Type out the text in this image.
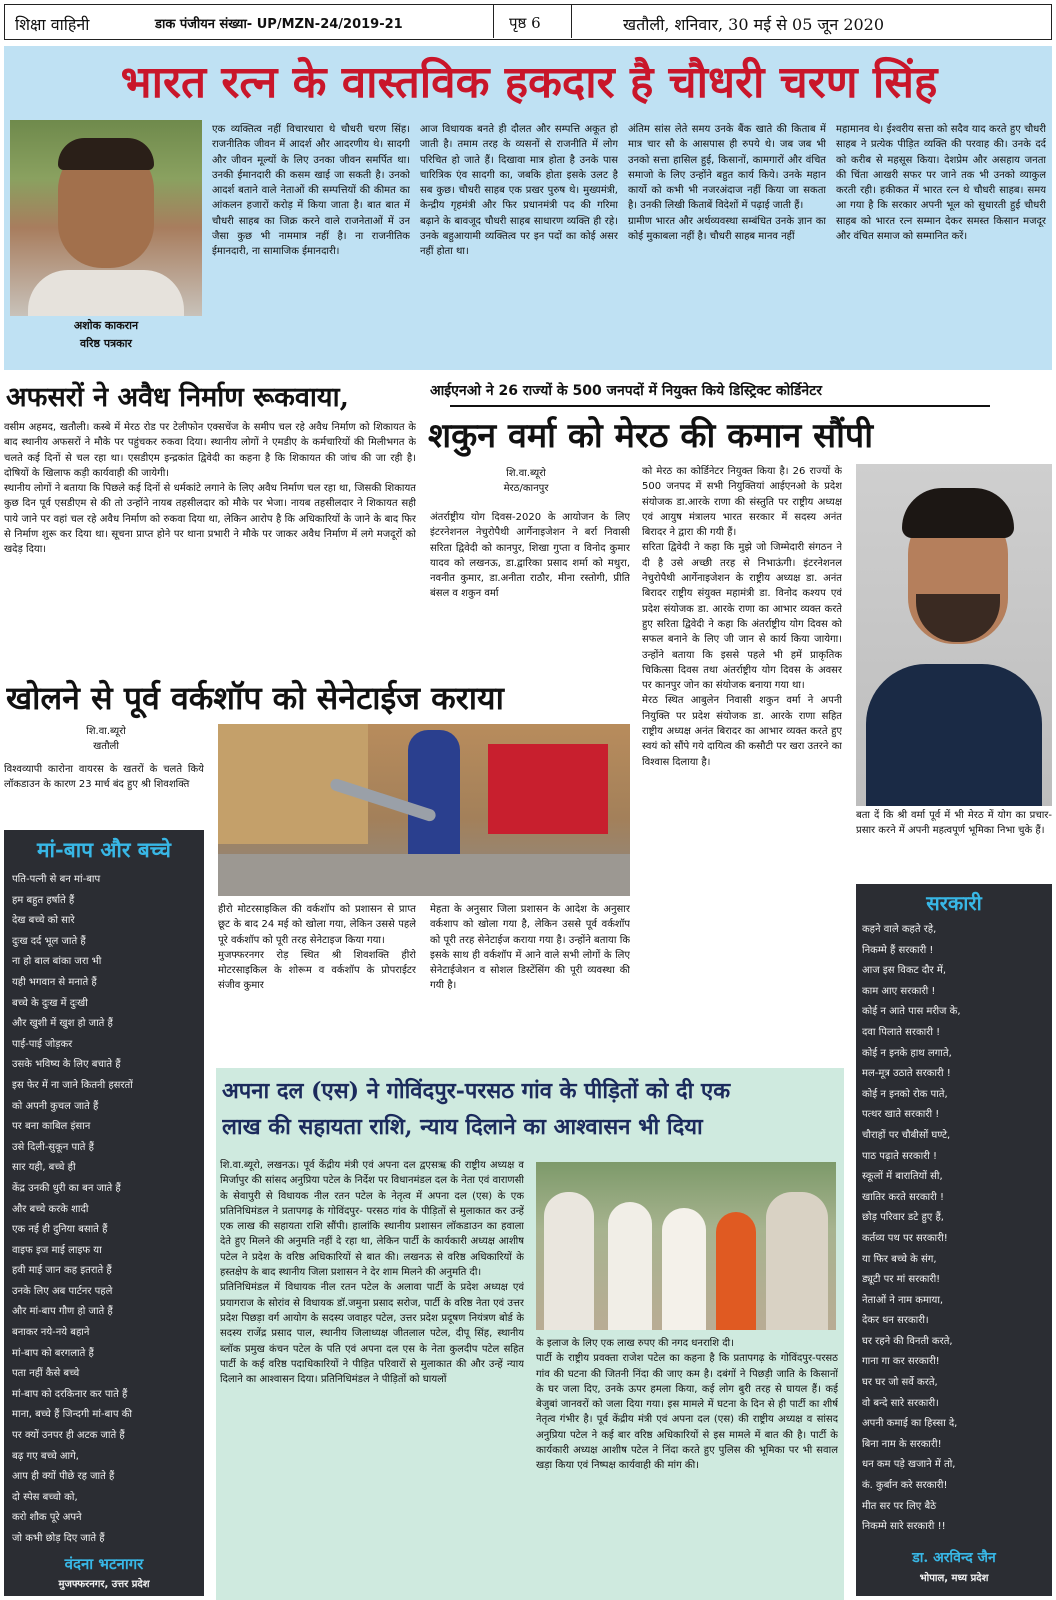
शिक्षा वाहिनी	डाक पंजीयन संख्या- UP/MZN-24/2019-21	पृष्ठ 6	खतौली, शनिवार, 30 मई से 05 जून 2020
भारत रत्न के वास्तविक हकदार है चौधरी चरण सिंह
अशोक काकरान
वरिष्ठ पत्रकार
एक व्यक्तित्व नहीं विचारधारा थे चौधरी चरण सिंह। राजनीतिक जीवन में आदर्श और आदरणीय थे। सादगी और जीवन मूल्यों के लिए उनका जीवन समर्पित था। उनकी ईमानदारी की कसम खाई जा सकती है। उनको आदर्श बताने वाले नेताओं की सम्पत्तियों की कीमत का आंकलन हजारों करोड़ में किया जाता है। बात बात में चौधरी साहब का जिक्र करने वाले राजनेताओं में उन जैसा कुछ भी नाममात्र नहीं है। ना राजनीतिक ईमानदारी, ना सामाजिक ईमानदारी।
आज विधायक बनते ही दौलत और सम्पत्ति अकूत हो जाती है। तमाम तरह के व्यसनों से राजनीति में लोग परिचित हो जाते हैं। दिखावा मात्र होता है उनके पास चारित्रिक एंव सादगी का, जबकि होता इसके उलट है सब कुछ। चौधरी साहब एक प्रखर पुरुष थे। मुख्यमंत्री, केन्द्रीय गृहमंत्री और फिर प्रधानमंत्री पद की गरिमा बढ़ाने के बावजूद चौधरी साहब साधारण व्यक्ति ही रहे। उनके बहुआयामी व्यक्तित्व पर इन पदों का कोई असर नहीं होता था।
अंतिम सांस लेते समय उनके बैंक खाते की किताब में मात्र चार सौ के आसपास ही रुपये थे। जब जब भी उनको सत्ता हासिल हुई, किसानों, कामगारों और वंचित समाजो के लिए उन्होंने बहुत कार्य किये। उनके महान कार्यो को कभी भी नजरअंदाज नहीं किया जा सकता है। उनकी लिखी किताबें विदेशों में पढ़ाई जाती हैं।
ग्रामीण भारत और अर्थव्यवस्था सम्बंधित उनके ज्ञान का कोई मुकाबला नहीं है। चौधरी साहब मानव नहीं
महामानव थे। ईश्वरीय सत्ता को सदैव याद करते हुए चौधरी साहब ने प्रत्येक पीड़ित व्यक्ति की परवाह की। उनके दर्द को करीब से महसूस किया। देशप्रेम और असहाय जनता की चिंता आखरी सफर पर जाने तक भी उनको व्याकुल करती रही। हकीकत में भारत रत्न थे चौधरी साहब। समय आ गया है कि सरकार अपनी भूल को सुधारती हुई चौधरी साहब को भारत रत्न सम्मान देकर समस्त किसान मजदूर और वंचित समाज को सम्मानित करें।
अफसरों ने अवैध निर्माण रूकवाया,
वसीम अहमद, खतौली। कस्बे में मेरठ रोड पर टेलीफोन एक्सचेंज के समीप चल रहे अवैध निर्माण को शिकायत के बाद स्थानीय अफसरों ने मौके पर पहुंचकर रुकवा दिया। स्थानीय लोगों ने एमडीए के कर्मचारियों की मिलीभगत के चलते कई दिनों से चल रहा था। एसडीएम इन्द्रकांत द्विवेदी का कहना है कि शिकायत की जांच की जा रही है। दोषियों के खिलाफ कड़ी कार्यवाही की जायेगी।
स्थानीय लोगों ने बताया कि पिछले कई दिनों से धर्मकांटे लगाने के लिए अवैध निर्माण चल रहा था, जिसकी शिकायत कुछ दिन पूर्व एसडीएम से की तो उन्होंने नायब तहसीलदार को मौके पर भेजा। नायब तहसीलदार ने शिकायत सही पाये जाने पर वहां चल रहे अवैध निर्माण को रुकवा दिया था, लेकिन आरोप है कि अधिकारियों के जाने के बाद फिर से निर्माण शुरू कर दिया था। सूचना प्राप्त होने पर थाना प्रभारी ने मौके पर जाकर अवैध निर्माण में लगे मजदूरों को खदेड़ दिया।
आईएनओ ने 26 राज्यों के 500 जनपदों में नियुक्त किये डिस्ट्रिक्ट कोर्डिनेटर
शकुन वर्मा को मेरठ की कमान सौंपी
शि.वा.ब्यूरो
मेरठ/कानपुर
अंतर्राष्ट्रीय योग दिवस-2020 के आयोजन के लिए इंटरनेशनल नेचुरोपैथी आर्गेनाइजेशन ने बर्रा निवासी सरिता द्विवेदी को कानपुर, शिखा गुप्ता व विनोद कुमार यादव को लखनऊ, डा.द्वारिका प्रसाद शर्मा को मथुरा, नवनीत कुमार, डा.अनीता राठौर, मीना रस्तोगी, प्रीति बंसल व शकुन वर्मा
को मेरठ का कोर्डिनेटर नियुक्त किया है। 26 राज्यों के 500 जनपद में सभी नियुक्तियां आईएनओ के प्रदेश संयोजक डा.आरके राणा की संस्तुति पर राष्ट्रीय अध्यक्ष एवं आयुष मंत्रालय भारत सरकार में सदस्य अनंत बिरादर ने द्वारा की गयी हैं।
सरिता द्विवेदी ने कहा कि मुझे जो जिम्मेदारी संगठन ने दी है उसे अच्छी तरह से निभाऊंगी। इंटरनेशनल नेचुरोपैथी आर्गेनाइजेशन के राष्ट्रीय अध्यक्ष डा. अनंत बिरादर राष्ट्रीय संयुक्त महामंत्री डा. विनोद कश्यप एवं प्रदेश संयोजक डा. आरके राणा का आभार व्यक्त करते हुए सरिता द्विवेदी ने कहा कि अंतर्राष्ट्रीय योग दिवस को सफल बनाने के लिए जी जान से कार्य किया जायेगा। उन्होंने बताया कि इससे पहले भी हमें प्राकृतिक चिकित्सा दिवस तथा अंतर्राष्ट्रीय योग दिवस के अवसर पर कानपुर जोन का संयोजक बनाया गया था।
मेरठ स्थित आबुलेन निवासी शकुन वर्मा ने अपनी नियुक्ति पर प्रदेश संयोजक डा. आरके राणा सहित राष्ट्रीय अध्यक्ष अनंत बिरादर का आभार व्यक्त करते हुए स्वयं को सौंपे गये दायित्व की कसौटी पर खरा उतरने का विश्वास दिलाया है।
बता दें कि श्री वर्मा पूर्व में भी मेरठ में योग का प्रचार-प्रसार करने में अपनी महत्वपूर्ण भूमिका निभा चुके हैं।
खोलने से पूर्व वर्कशॉप को सेनेटाईज कराया
शि.वा.ब्यूरो
खतौली
विश्वव्यापी कारोना वायरस के खतरों के चलते किये लॉकडाउन के कारण 23 मार्च बंद हुए श्री शिवशक्ति
हीरो मोटरसाइकिल की वर्कशॉप को प्रशासन से प्राप्त छूट के बाद 24 मई को खोला गया, लेकिन उससे पहले पूरे वर्कशॉप को पूरी तरह सेनेटाइज किया गया।
मुजफ्फरनगर रोड़ स्थित श्री शिवशक्ति हीरो मोटरसाइकिल के शोरूम व वर्कशॉप के प्रोपराईटर संजीव कुमार
मेहता के अनुसार जिला प्रशासन के आदेश के अनुसार वर्कशाप को खोला गया है, लेकिन उससे पूर्व वर्कशॉप को पूरी तरह सेनेटाईज कराया गया है। उन्होंने बताया कि इसके साथ ही वर्कशॉप में आने वाले सभी लोगों के लिए सेनेटाईजेशन व सोशल डिस्टेंसिंग की पूरी व्यवस्था की गयी है।
मां-बाप और बच्चे
पति-पत्नी से बन मां-बाप
हम बहुत हर्षाते हैं
देख बच्चे को सारे
दुःख दर्द भूल जाते हैं
ना हो बाल बांका जरा भी
यही भगवान से मनाते हैं
बच्चे के दुःख में दुःखी
और खुशी में खुश हो जाते हैं
पाई-पाई जोड़कर
उसके भविष्य के लिए बचाते हैं
इस फेर में ना जाने कितनी हसरतों
को अपनी कुचल जाते हैं
पर बना काबिल इंसान
उसे दिली-सुकून पाते हैं
सार यही, बच्चे ही
केंद्र उनकी धुरी का बन जाते हैं
और बच्चे करके शादी
एक नई ही दुनिया बसाते हैं
वाइफ इज माई लाइफ या
हवी माई जान कह इतराते हैं
उनके लिए अब पार्टनर पहले
और मां-बाप गौण हो जाते हैं
बनाकर नये-नये बहाने
मां-बाप को बरगलाते हैं
पता नहीं कैसे बच्चे
मां-बाप को दरकिनार कर पाते हैं
माना, बच्चे हैं जिन्दगी मां-बाप की
पर क्यों उनपर ही अटक जाते हैं
बढ़ गए बच्चे आगे,
आप ही क्यों पीछे रह जाते हैं
दो स्पेस बच्चो को,
करो शौक पूरे अपने
जो कभी छोड़ दिए जाते हैं
वंदना भटनागर
मुजफ्फरनगर, उत्तर प्रदेश
अपना दल (एस) ने गोविंदपुर-परसठ गांव के पीड़ितों को दी एक
लाख की सहायता राशि, न्याय दिलाने का आश्वासन भी दिया
शि.वा.ब्यूरो, लखनऊ। पूर्व केंद्रीय मंत्री एवं अपना दल द्वएसऋ की राष्ट्रीय अध्यक्ष व मिर्जापुर की सांसद अनुप्रिया पटेल के निर्देश पर विधानमंडल दल के नेता एवं वाराणसी के सेवापुरी से विधायक नील रतन पटेल के नेतृत्व में अपना दल (एस) के एक प्रतिनिधिमंडल ने प्रतापगढ़ के गोविंदपुर- परसठ गांव के पीड़ितों से मुलाकात कर उन्हें एक लाख की सहायता राशि सौंपी। हालांकि स्थानीय प्रशासन लॉकडाउन का हवाला देते हुए मिलने की अनुमति नहीं दे रहा था, लेकिन पार्टी के कार्यकारी अध्यक्ष आशीष पटेल ने प्रदेश के वरिष्ठ अधिकारियों से बात की। लखनऊ से वरिष्ठ अधिकारियों के हस्तक्षेप के बाद स्थानीय जिला प्रशासन ने देर शाम मिलने की अनुमति दी।
प्रतिनिधिमंडल में विधायक नील रतन पटेल के अलावा पार्टी के प्रदेश अध्यक्ष एवं प्रयागराज के सोरांव से विधायक डॉ.जमुना प्रसाद सरोज, पार्टी के वरिष्ठ नेता एवं उत्तर प्रदेश पिछड़ा वर्ग आयोग के सदस्य जवाहर पटेल, उत्तर प्रदेश प्रदूषण नियंत्रण बोर्ड के सदस्य राजेंद्र प्रसाद पाल, स्थानीय जिलाध्यक्ष जीतलाल पटेल, दीपू सिंह, स्थानीय ब्लॉक प्रमुख कंचन पटेल के पति एवं अपना दल एस के नेता कुलदीप पटेल सहित पार्टी के कई वरिष्ठ पदाधिकारियों ने पीड़ित परिवारों से मुलाकात की और उन्हें न्याय दिलाने का आश्वासन दिया। प्रतिनिधिमंडल ने पीड़ितों को घायलों
के इलाज के लिए एक लाख रुपए की नगद धनराशि दी।
पार्टी के राष्ट्रीय प्रवक्ता राजेश पटेल का कहना है कि प्रतापगढ़ के गोविंदपुर-परसठ गांव की घटना की जितनी निंदा की जाए कम है। दबंगों ने पिछड़ी जाति के किसानों के घर जला दिए, उनके ऊपर हमला किया, कई लोग बुरी तरह से घायल हैं। कई बेजुबां जानवरों को जला दिया गया। इस मामले में घटना के दिन से ही पार्टी का शीर्ष नेतृत्व गंभीर है। पूर्व केंद्रीय मंत्री एवं अपना दल (एस) की राष्ट्रीय अध्यक्ष व सांसद अनुप्रिया पटेल ने कई बार वरिष्ठ अधिकारियों से इस मामले में बात की है। पार्टी के कार्यकारी अध्यक्ष आशीष पटेल ने निंदा करते हुए पुलिस की भूमिका पर भी सवाल खड़ा किया एवं निष्पक्ष कार्यवाही की मांग की।
सरकारी
कहने वाले कहते रहे,
निकम्मे हैं सरकारी !
आज इस विकट दौर में,
काम आए सरकारी !
कोई न आते पास मरीज के,
दवा पिलाते सरकारी !
कोई न इनके हाथ लगाते,
मल-मूत्र उठाते सरकारी !
कोई न इनको रोक पाते,
पत्थर खाते सरकारी !
चौराहों पर चौबीसों घण्टे,
पाठ पढ़ाते सरकारी !
स्कूलों में बारातियों सी,
खातिर करते सरकारी !
छोड़ परिवार डटे हुए हैं,
कर्तव्य पथ पर सरकारी!
या फिर बच्चे के संग,
ड्यूटी पर मां सरकारी!
नेताओं ने नाम कमाया,
देकर धन सरकारी।
घर रहने की विनती करते,
गाना गा कर सरकारी!
घर घर जो सर्वे करते,
वो बन्दे सारे सरकारी।
अपनी कमाई का हिस्सा दे,
बिना नाम के सरकारी!
धन कम पड़े खजाने में तो,
कं. कुर्बान करे सरकारी!
मीत सर पर लिए बैठे
निकम्मे सारे सरकारी !!
डा. अरविन्द जैन
भोपाल, मध्य प्रदेश
